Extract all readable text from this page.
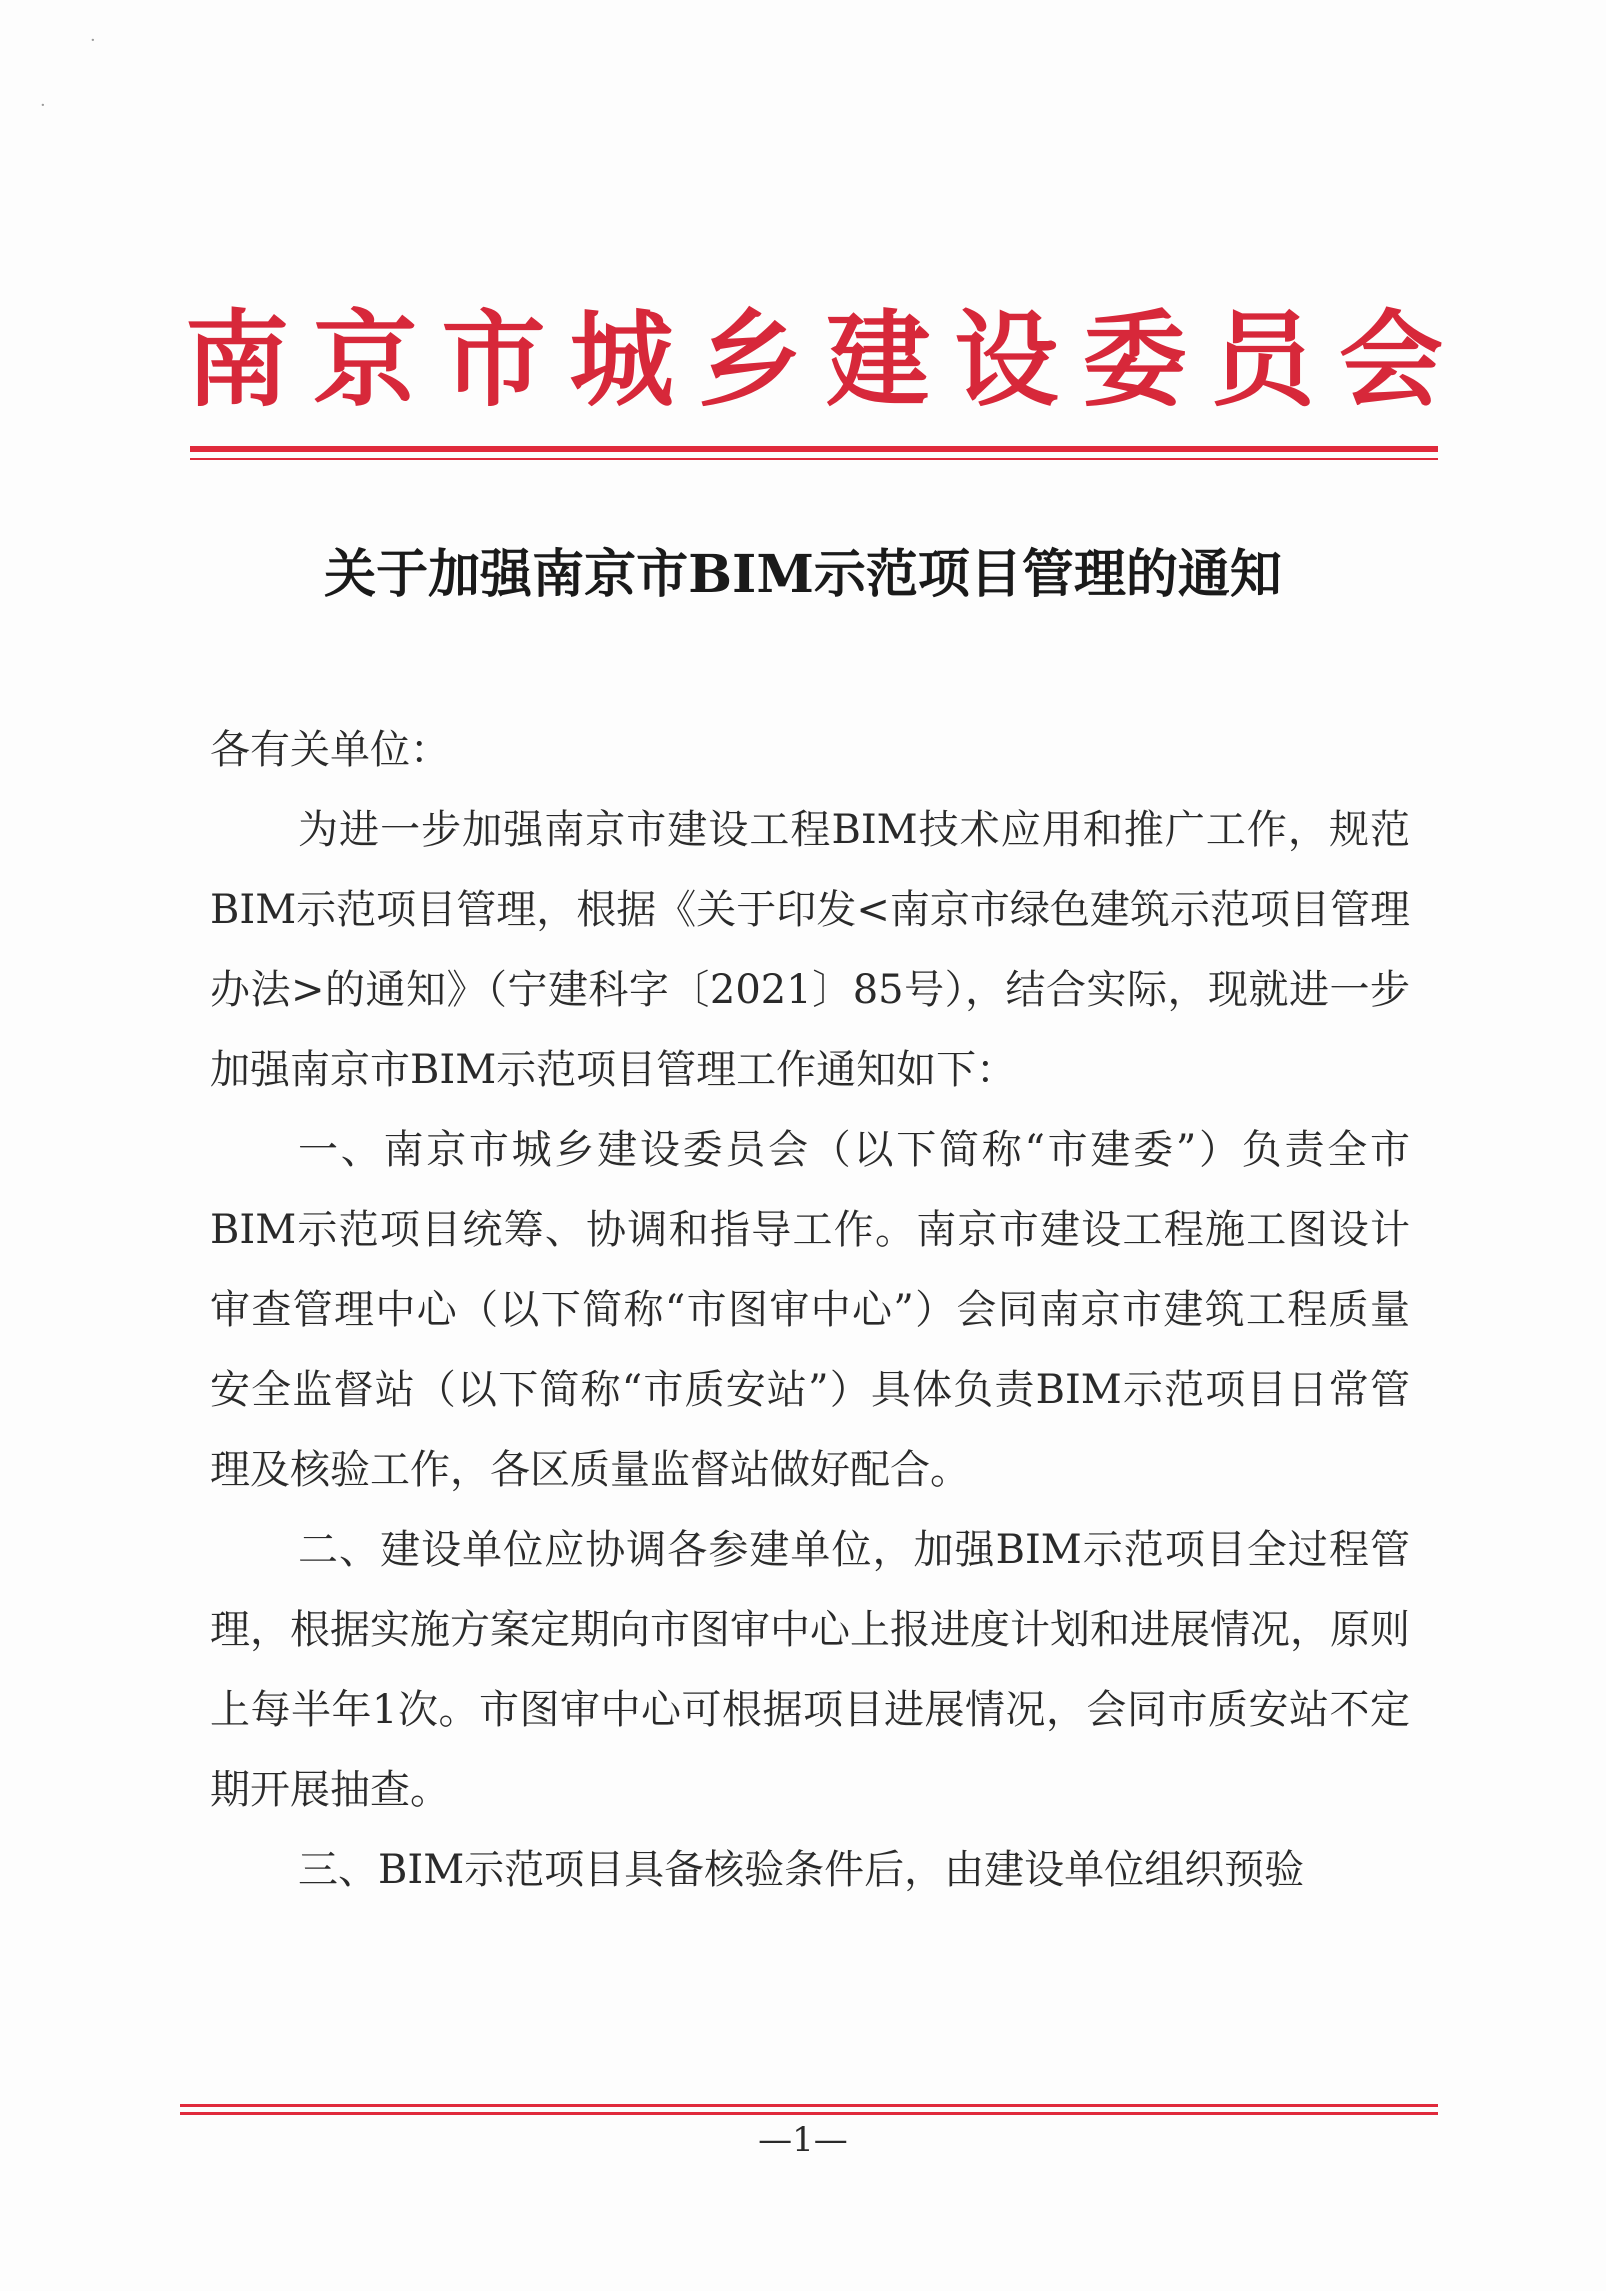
·
·
南京市城乡建设委员会
关于加强南京市BIM示范项目管理的通知

各有关单位：

为进一步加强南京市建设工程BIM技术应用和推广工作，规范BIM示范项目管理，根据《关于印发<南京市绿色建筑示范项目管理办法>的通知》（宁建科字〔2021〕85号），结合实际，现就进一步加强南京市BIM示范项目管理工作通知如下：

一、南京市城乡建设委员会（以下简称“市建委”）负责全市BIM示范项目统筹、协调和指导工作。南京市建设工程施工图设计审查管理中心（以下简称“市图审中心”）会同南京市建筑工程质量安全监督站（以下简称“市质安站”）具体负责BIM示范项目日常管理及核验工作，各区质量监督站做好配合。

二、建设单位应协调各参建单位，加强BIM示范项目全过程管理，根据实施方案定期向市图审中心上报进度计划和进展情况，原则上每半年1次。市图审中心可根据项目进展情况，会同市质安站不定期开展抽查。

三、BIM示范项目具备核验条件后，由建设单位组织预验

—1—
